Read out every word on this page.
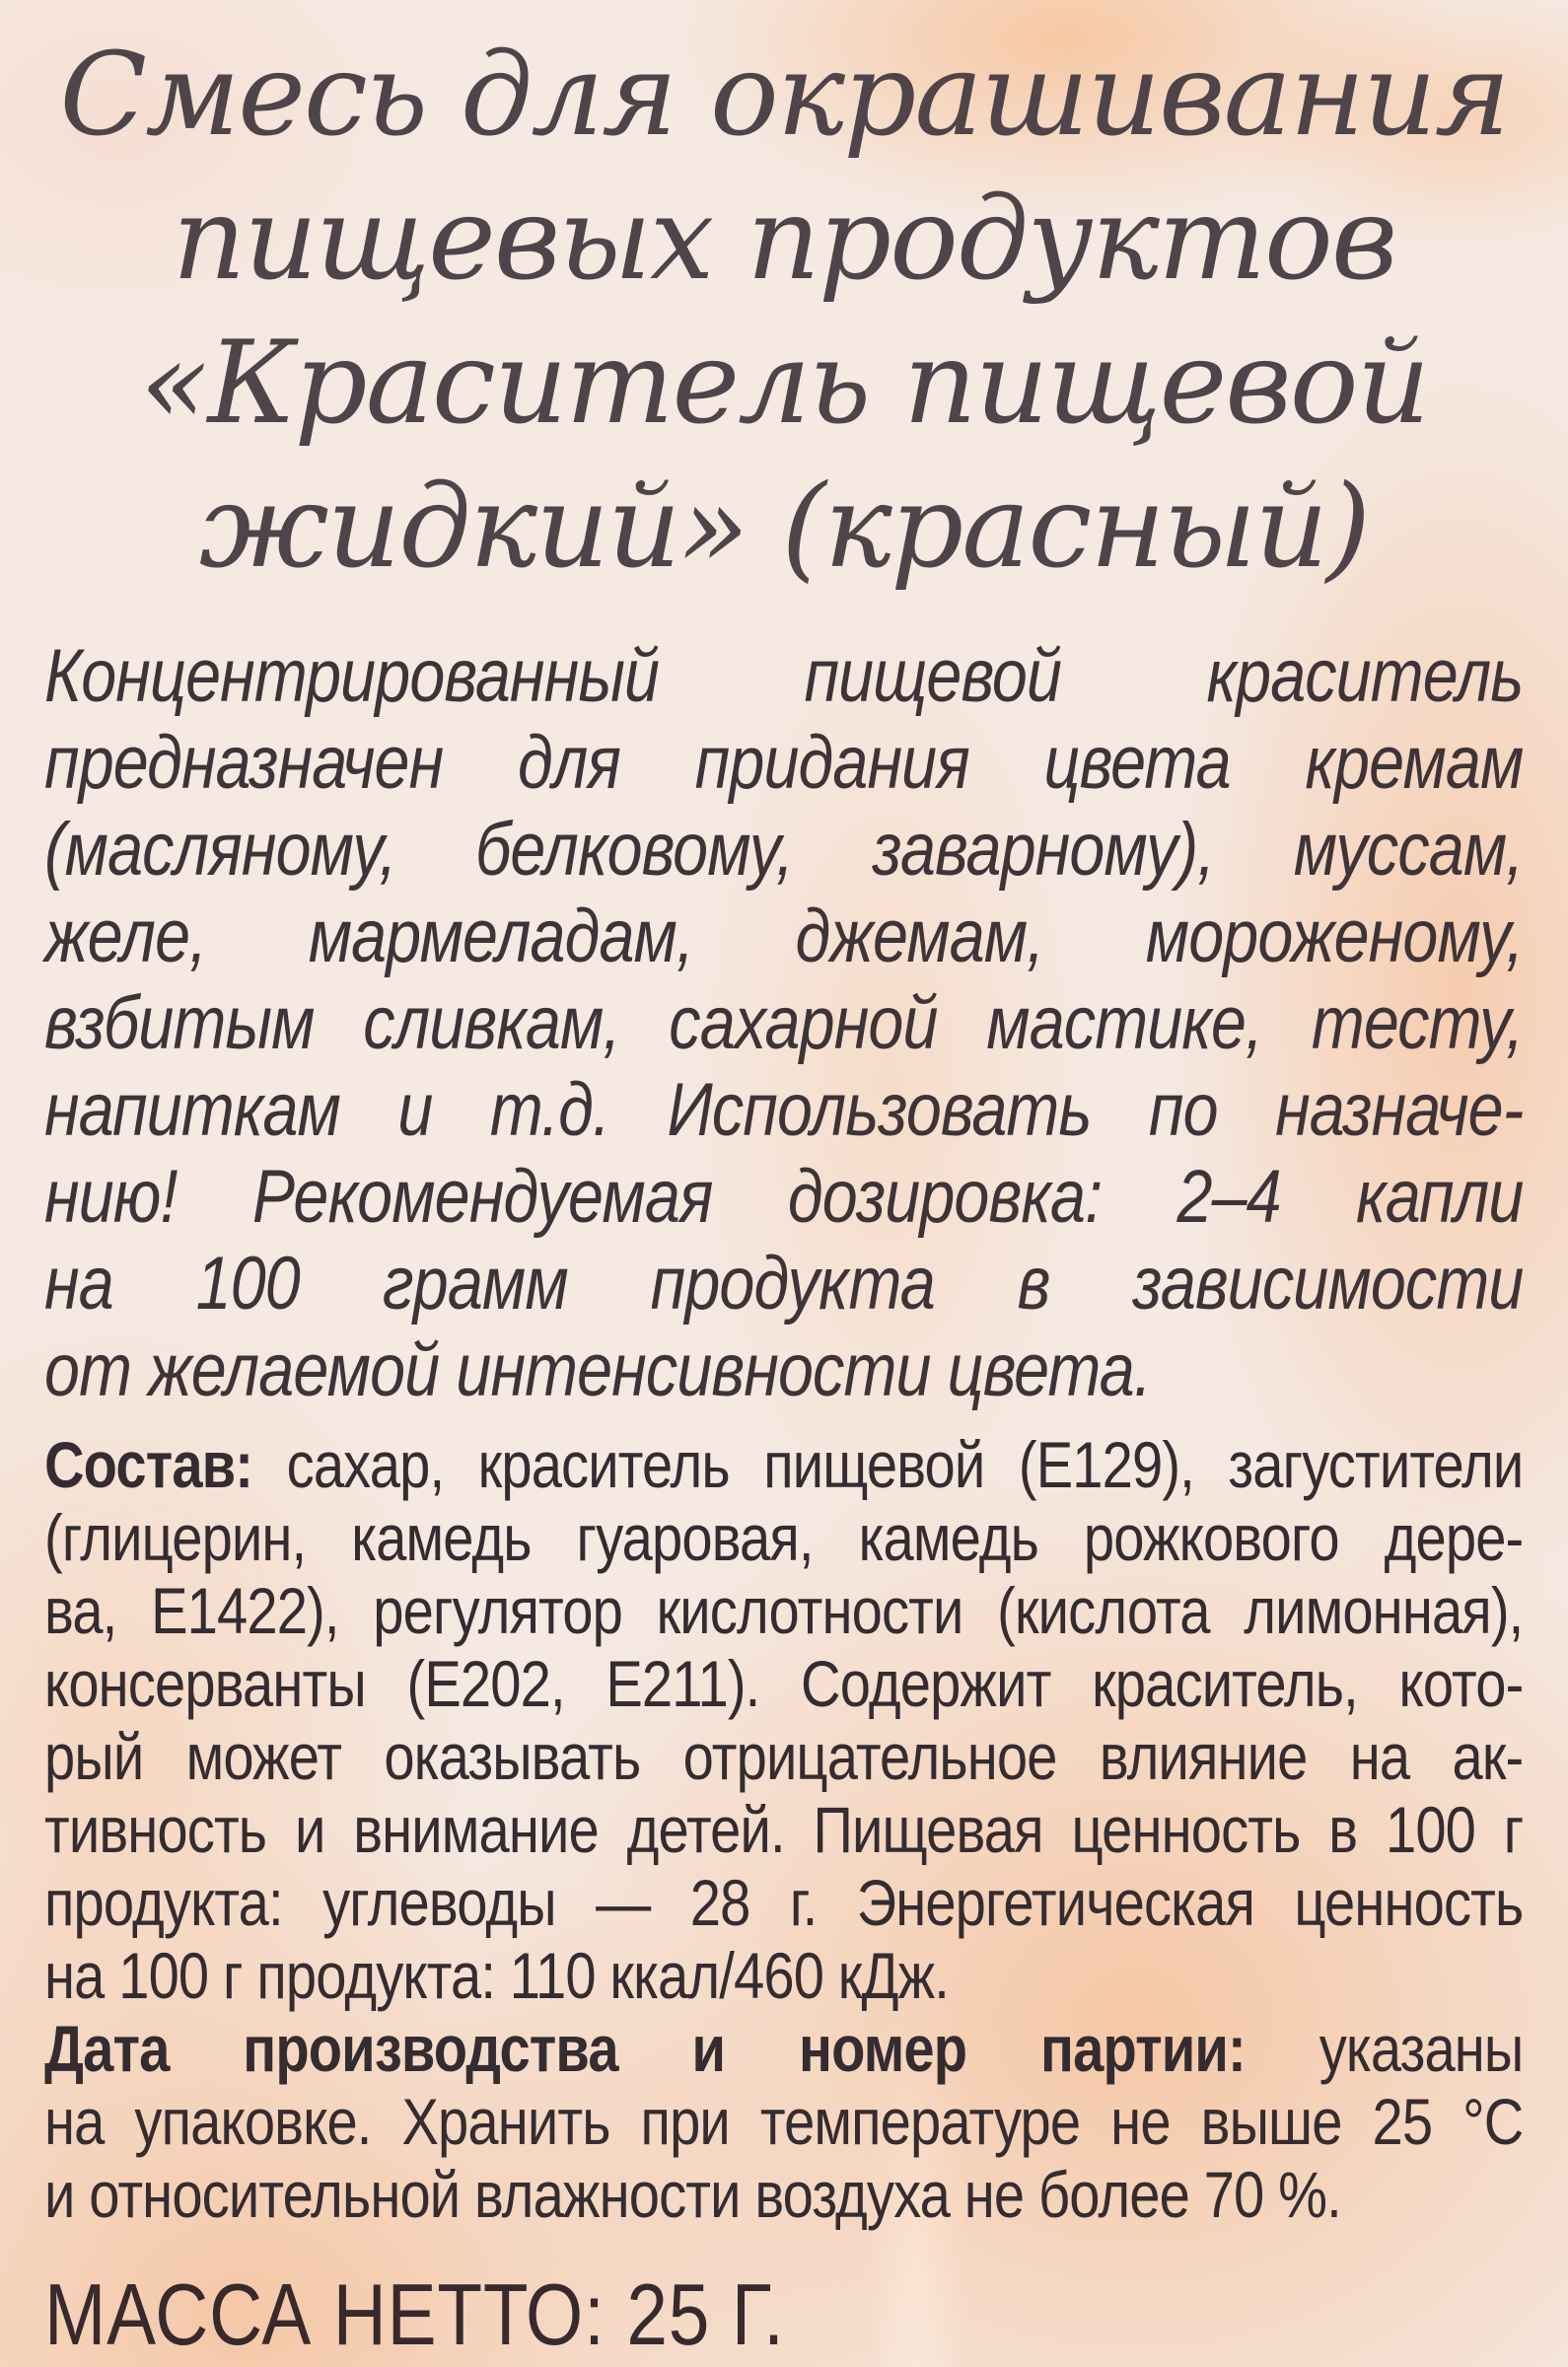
Смесь для окрашивания
пищевых продуктов
«Краситель пищевой
жидкий» (красный)
Концентрированный пищевой краситель
предназначен для придания цвета кремам
(масляному, белковому, заварному), муссам,
желе, мармеладам, джемам, мороженому,
взбитым сливкам, сахарной мастике, тесту,
напиткам и т.д. Использовать по назначе-
нию! Рекомендуемая дозировка: 2–4 капли
на 100 грамм продукта в зависимости
от желаемой интенсивности цвета.
Состав: сахар, краситель пищевой (Е129), загустители
(глицерин, камедь гуаровая, камедь рожкового дере-
ва, Е1422), регулятор кислотности (кислота лимонная),
консерванты (Е202, Е211). Содержит краситель, кото-
рый может оказывать отрицательное влияние на ак-
тивность и внимание детей. Пищевая ценность в 100 г
продукта: углеводы — 28 г. Энергетическая ценность
на 100 г продукта: 110 ккал/460 кДж.
Дата производства и номер партии: указаны
на упаковке. Хранить при температуре не выше 25 °C
и относительной влажности воздуха не более 70 %.
МАССА НЕТТО: 25 Г.
